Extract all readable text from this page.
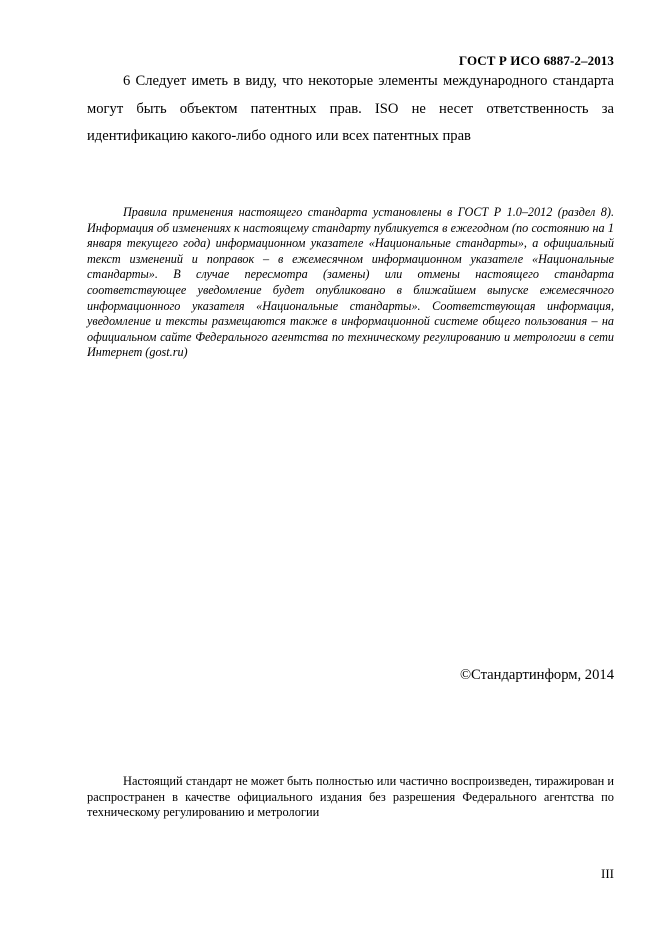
ГОСТ Р ИСО 6887-2–2013

6 Следует иметь в виду, что некоторые элементы международного стандарта могут быть объектом патентных прав. ISO не несет ответственность за идентификацию какого-либо одного или всех патентных прав

Правила применения настоящего стандарта установлены в ГОСТ Р 1.0–2012 (раздел 8). Информация об изменениях к настоящему стандарту публикуется в ежегодном (по состоянию на 1 января текущего года) информационном указателе «Национальные стандарты», а официальный текст изменений и поправок – в ежемесячном информационном указателе «Национальные стандарты». В случае пересмотра (замены) или отмены настоящего стандарта соответствующее уведомление будет опубликовано в ближайшем выпуске ежемесячного информационного указателя «Национальные стандарты». Соответствующая информация, уведомление и тексты размещаются также в информационной системе общего пользования – на официальном сайте Федерального агентства по техническому регулированию и метрологии в сети Интернет (gost.ru)

©Стандартинформ, 2014

Настоящий стандарт не может быть полностью или частично воспроизведен, тиражирован и распространен в качестве официального издания без разрешения Федерального агентства по техническому регулированию и метрологии

III
